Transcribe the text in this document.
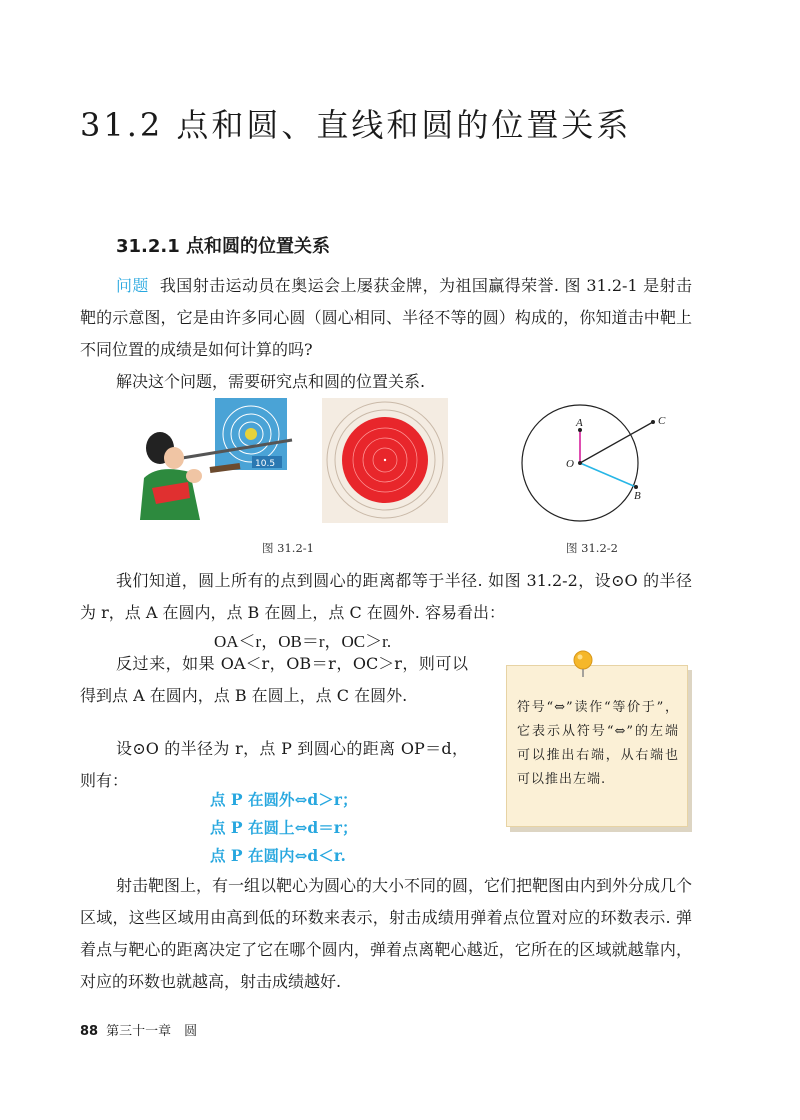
31.2 点和圆、直线和圆的位置关系
31.2.1 点和圆的位置关系

问题 我国射击运动员在奥运会上屡获金牌，为祖国赢得荣誉. 图 31.2-1 是射击靶的示意图，它是由许多同心圆（圆心相同、半径不等的圆）构成的，你知道击中靶上不同位置的成绩是如何计算的吗?

解决这个问题，需要研究点和圆的位置关系.

10.5	O
A
B
C
图 31.2-1	图 31.2-2

我们知道，圆上所有的点到圆心的距离都等于半径. 如图 31.2-2，设⊙O 的半径为 r，点 A 在圆内，点 B 在圆上，点 C 在圆外. 容易看出：

OA＜r，OB＝r，OC＞r.

反过来，如果 OA＜r，OB＝r，OC＞r，则可以得到点 A 在圆内，点 B 在圆上，点 C 在圆外.

设⊙O 的半径为 r，点 P 到圆心的距离 OP＝d，则有：

点 P 在圆外⇔d＞r；
点 P 在圆上⇔d＝r；
点 P 在圆内⇔d＜r.

符号“⇔”读作“等价于”，它表示从符号“⇔”的左端可以推出右端，从右端也可以推出左端.

射击靶图上，有一组以靶心为圆心的大小不同的圆，它们把靶图由内到外分成几个区域，这些区域用由高到低的环数来表示，射击成绩用弹着点位置对应的环数表示. 弹着点与靶心的距离决定了它在哪个圆内，弹着点离靶心越近，它所在的区域就越靠内，对应的环数也就越高，射击成绩越好.

88 第三十一章　圆
